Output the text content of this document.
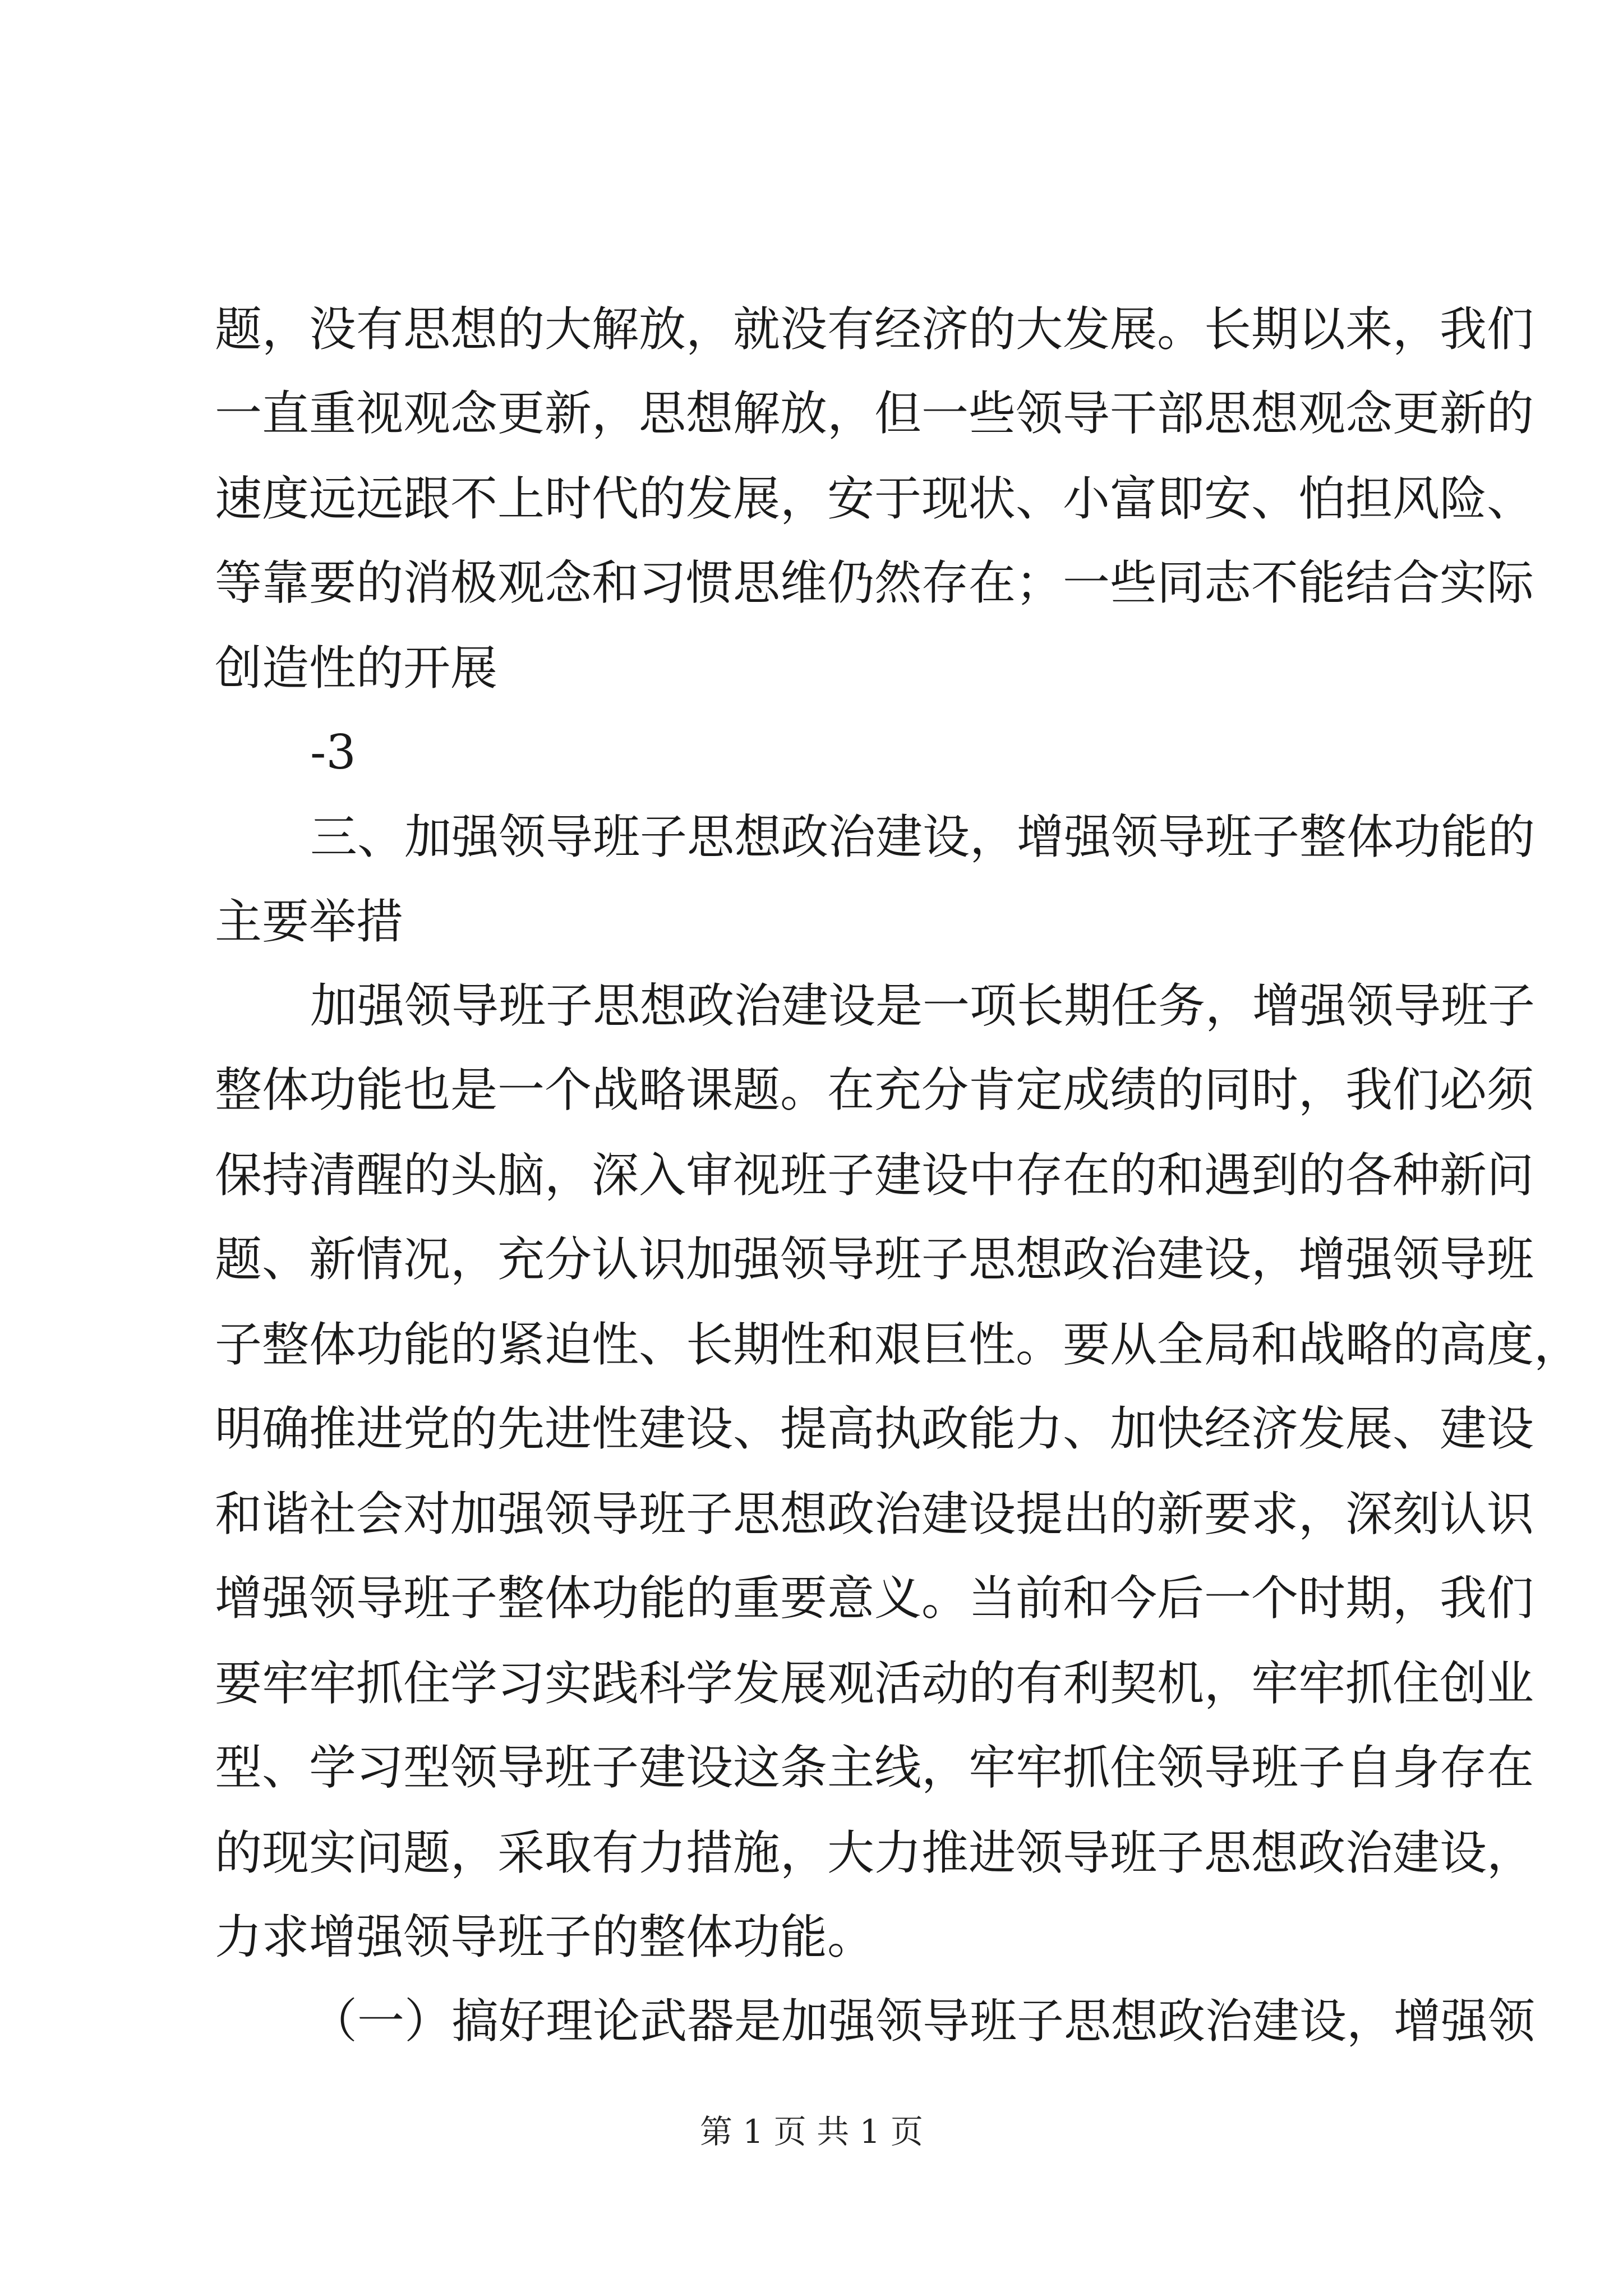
题，没有思想的大解放，就没有经济的大发展。长期以来，我们
一直重视观念更新，思想解放，但一些领导干部思想观念更新的
速度远远跟不上时代的发展，安于现状、小富即安、怕担风险、
等靠要的消极观念和习惯思维仍然存在；一些同志不能结合实际
创造性的开展
-3
三、加强领导班子思想政治建设，增强领导班子整体功能的
主要举措
加强领导班子思想政治建设是一项长期任务，增强领导班子
整体功能也是一个战略课题。在充分肯定成绩的同时，我们必须
保持清醒的头脑，深入审视班子建设中存在的和遇到的各种新问
题、新情况，充分认识加强领导班子思想政治建设，增强领导班
子整体功能的紧迫性、长期性和艰巨性。要从全局和战略的高度，
明确推进党的先进性建设、提高执政能力、加快经济发展、建设
和谐社会对加强领导班子思想政治建设提出的新要求，深刻认识
增强领导班子整体功能的重要意义。当前和今后一个时期，我们
要牢牢抓住学习实践科学发展观活动的有利契机，牢牢抓住创业
型、学习型领导班子建设这条主线，牢牢抓住领导班子自身存在
的现实问题，采取有力措施，大力推进领导班子思想政治建设，
力求增强领导班子的整体功能。
（一）搞好理论武器是加强领导班子思想政治建设，增强领
第 1 页 共 1 页
